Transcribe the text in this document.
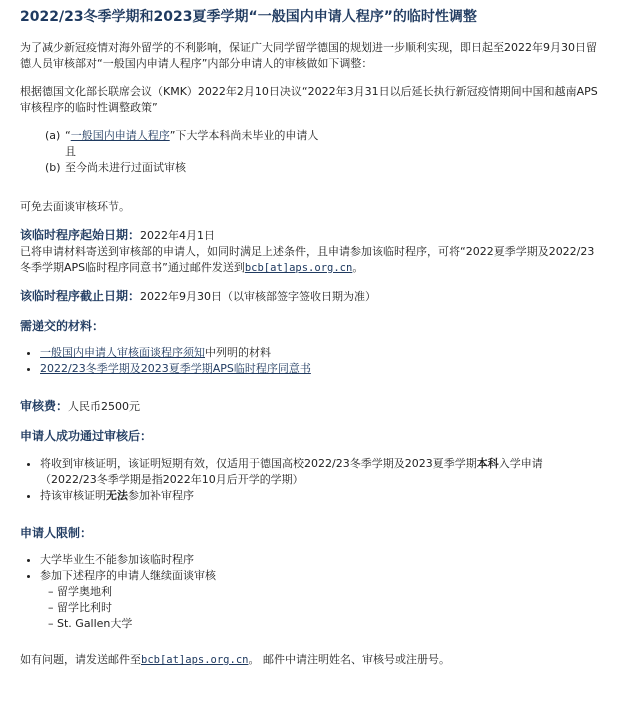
2022/23冬季学期和2023夏季学期“一般国内申请人程序”的临时性调整
为了减少新冠疫情对海外留学的不利影响，保证广大同学留学德国的规划进一步顺利实现，即日起至2022年9月30日留德人员审核部对“一般国内申请人程序”内部分申请人的审核做如下调整：
根据德国文化部长联席会议（KMK）2022年2月10日决议“2022年3月31日以后延长执行新冠疫情期间中国和越南APS审核程序的临时性调整政策”
(a) “一般国内申请人程序”下大学本科尚未毕业的申请人
且
(b) 至今尚未进行过面试审核
可免去面谈审核环节。
该临时程序起始日期：2022年4月1日
已将申请材料寄送到审核部的申请人，如同时满足上述条件，且申请参加该临时程序，可将“2022夏季学期及2022/23冬季学期APS临时程序同意书”通过邮件发送到bcb[at]aps.org.cn。
该临时程序截止日期：2022年9月30日（以审核部签字签收日期为准）
需递交的材料：
• 一般国内申请人审核面谈程序须知中列明的材料
• 2022/23冬季学期及2023夏季学期APS临时程序同意书
审核费：人民币2500元
申请人成功通过审核后：
• 将收到审核证明，该证明短期有效，仅适用于德国高校2022/23冬季学期及2023夏季学期本科入学申请
（2022/23冬季学期是指2022年10月后开学的学期）
• 持该审核证明无法参加补审程序
申请人限制：
• 大学毕业生不能参加该临时程序
• 参加下述程序的申请人继续面谈审核
– 留学奥地利
– 留学比利时
– St. Gallen大学
如有问题，请发送邮件至bcb[at]aps.org.cn。 邮件中请注明姓名、审核号或注册号。
